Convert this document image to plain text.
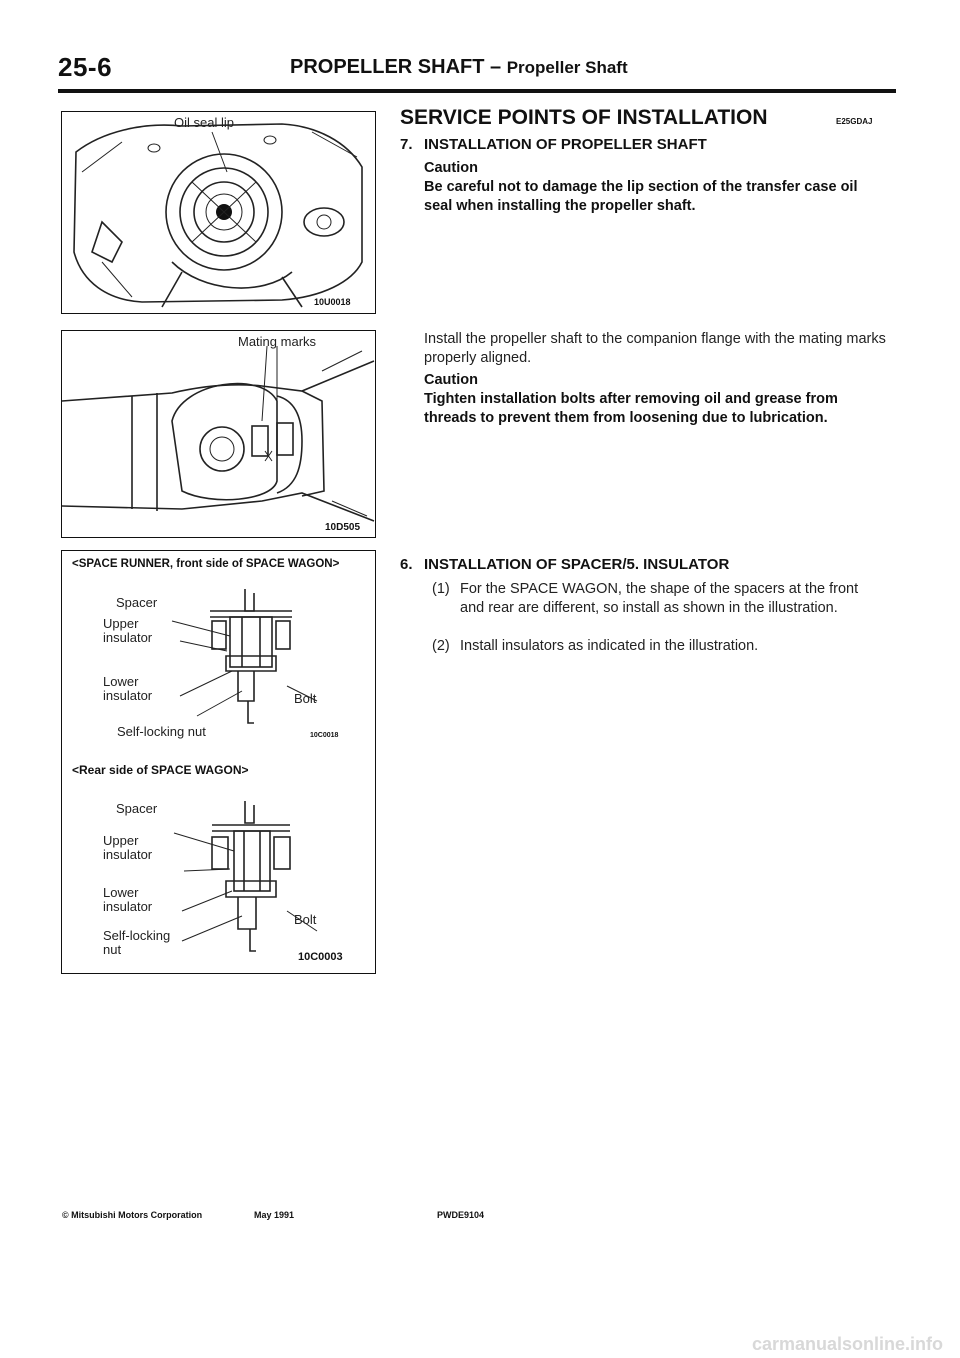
25-6	PROPELLER SHAFT – Propeller Shaft
Oil seal lip
10U0018
Mating marks
10D505
<SPACE RUNNER, front side of SPACE WAGON>
Spacer
Upper
insulator
Lower
insulator	Bolt
Self-locking nut	10C0018
<Rear side of SPACE WAGON>
Spacer
Upper
insulator
Lower
insulator
Bolt
Self-locking
nut	10C0003
SERVICE POINTS OF INSTALLATION	E25GDAJ
7. INSTALLATION OF PROPELLER SHAFT
Caution
Be careful not to damage the lip section of the transfer case oil seal when installing the propeller shaft.
Install the propeller shaft to the companion flange with the mating marks properly aligned.
Caution
Tighten installation bolts after removing oil and grease from threads to prevent them from loosening due to lubrication.
6. INSTALLATION OF SPACER/5. INSULATOR
(1) For the SPACE WAGON, the shape of the spacers at the front and rear are different, so install as shown in the illustration.
(2) Install insulators as indicated in the illustration.
© Mitsubishi Motors Corporation	May 1991	PWDE9104
carmanualsonline.info
